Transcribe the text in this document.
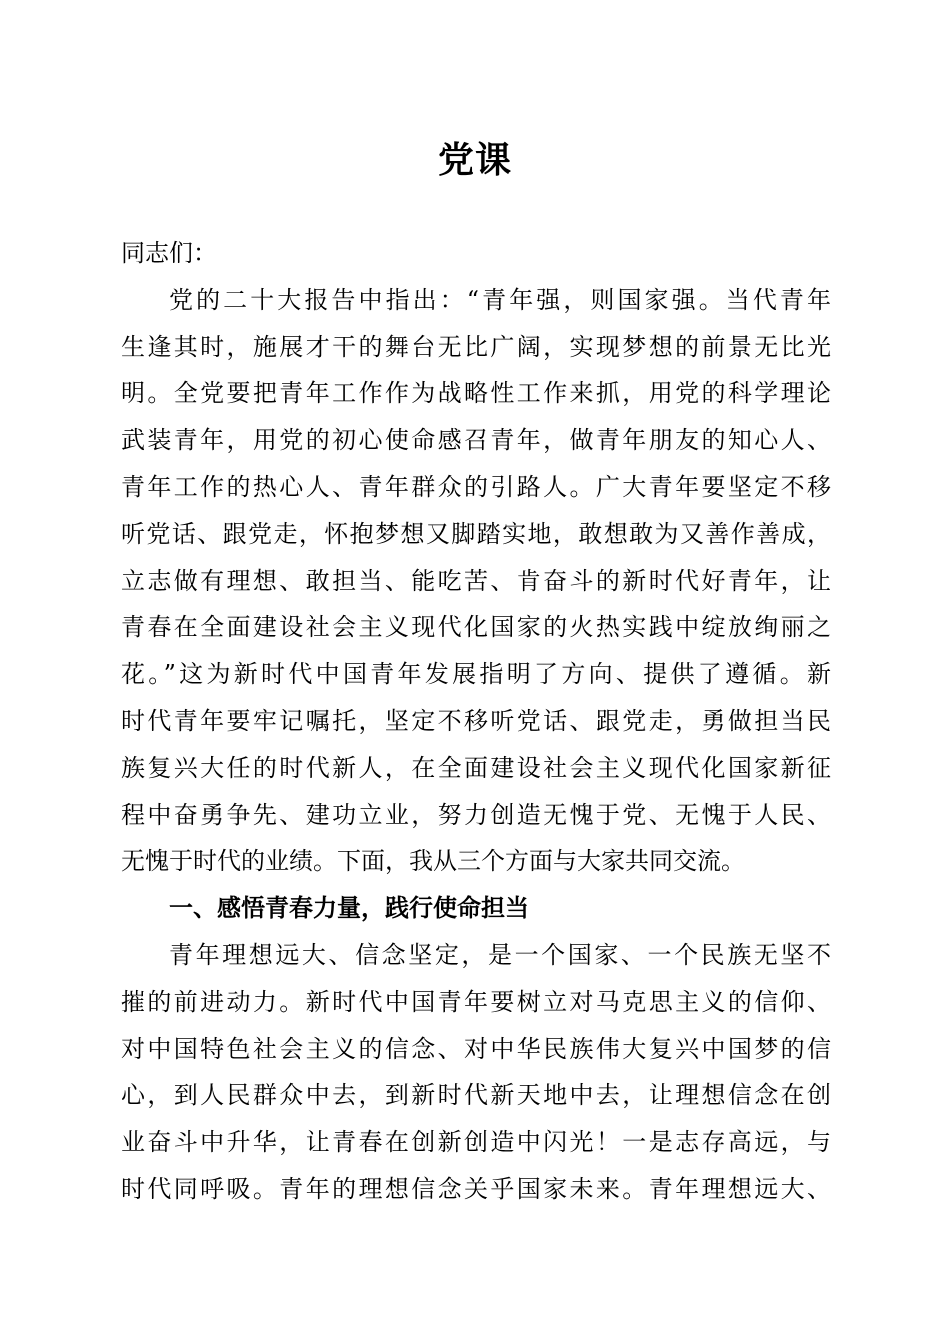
党课
同志们：
党的二十大报告中指出：“青年强，则国家强。当代青年
生逢其时，施展才干的舞台无比广阔，实现梦想的前景无比光
明。全党要把青年工作作为战略性工作来抓，用党的科学理论
武装青年，用党的初心使命感召青年，做青年朋友的知心人、
青年工作的热心人、青年群众的引路人。广大青年要坚定不移
听党话、跟党走，怀抱梦想又脚踏实地，敢想敢为又善作善成，
立志做有理想、敢担当、能吃苦、肯奋斗的新时代好青年，让
青春在全面建设社会主义现代化国家的火热实践中绽放绚丽之
花。”这为新时代中国青年发展指明了方向、提供了遵循。新
时代青年要牢记嘱托，坚定不移听党话、跟党走，勇做担当民
族复兴大任的时代新人，在全面建设社会主义现代化国家新征
程中奋勇争先、建功立业，努力创造无愧于党、无愧于人民、
无愧于时代的业绩。下面，我从三个方面与大家共同交流。
一、感悟青春力量，践行使命担当
青年理想远大、信念坚定，是一个国家、一个民族无坚不
摧的前进动力。新时代中国青年要树立对马克思主义的信仰、
对中国特色社会主义的信念、对中华民族伟大复兴中国梦的信
心，到人民群众中去，到新时代新天地中去，让理想信念在创
业奋斗中升华，让青春在创新创造中闪光！一是志存高远，与
时代同呼吸。青年的理想信念关乎国家未来。青年理想远大、
